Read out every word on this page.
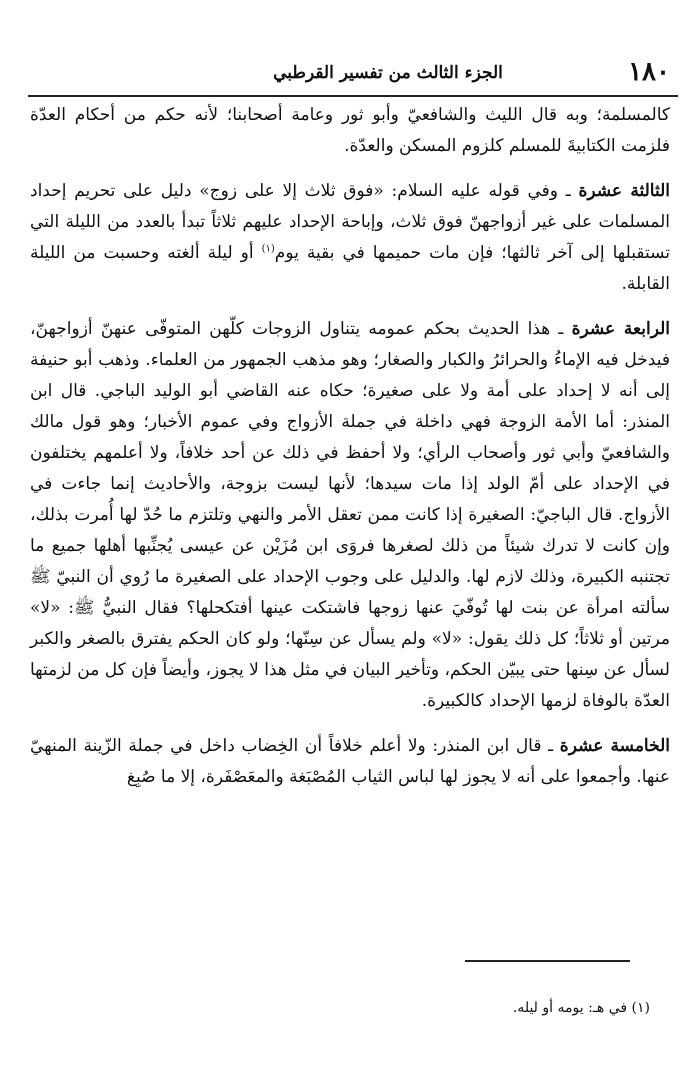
١٨٠
الجزء الثالث من تفسير القرطبي

كالمسلمة؛ وبه قال الليث والشافعيّ وأبو ثور وعامة أصحابنا؛ لأنه حكم من أحكام العدّة فلزمت الكتابيةَ للمسلم كلزوم المسكن والعدّة.

الثالثة عشرة ـ وفي قوله عليه السلام: «فوق ثلاث إلا على زوج» دليل على تحريم إحداد المسلمات على غير أزواجهنّ فوق ثلاث، وإباحة الإحداد عليهم ثلاثاً تبدأ بالعدد من الليلة التي تستقبلها إلى آخر ثالثها؛ فإن مات حميمها في بقية يوم$^{(١)}$ أو ليلة ألغته وحسبت من الليلة القابلة.

الرابعة عشرة ـ هذا الحديث بحكم عمومه يتناول الزوجات كلّهن المتوفّى عنهنّ أزواجهنّ، فيدخل فيه الإماءُ والحرائرُ والكبار والصغار؛ وهو مذهب الجمهور من العلماء. وذهب أبو حنيفة إلى أنه لا إحداد على أمة ولا على صغيرة؛ حكاه عنه القاضي أبو الوليد الباجي. قال ابن المنذر: أما الأمة الزوجة فهي داخلة في جملة الأزواج وفي عموم الأخبار؛ وهو قول مالك والشافعيّ وأبي ثور وأصحاب الرأي؛ ولا أحفظ في ذلك عن أحد خلافاً، ولا أعلمهم يختلفون في الإحداد على أمّ الولد إذا مات سيدها؛ لأنها ليست بزوجة، والأحاديث إنما جاءت في الأزواج. قال الباجيّ: الصغيرة إذا كانت ممن تعقل الأمر والنهي وتلتزم ما حُدّ لها أُمرت بذلك، وإن كانت لا تدرك شيئاً من ذلك لصغرها فروَى ابن مُزَيْن عن عيسى يُجنِّبها أهلها جميع ما تجتنبه الكبيرة، وذلك لازم لها. والدليل على وجوب الإحداد على الصغيرة ما رُوي أن النبيّ ﷺ سألته امرأة عن بنت لها تُوفّيَ عنها زوجها فاشتكت عينها أفتكحلها؟ فقال النبيُّ ﷺ: «لا» مرتين أو ثلاثاً؛ كل ذلك يقول: «لا» ولم يسأل عن سِنّها؛ ولو كان الحكم يفترق بالصغر والكبر لسأل عن سِنها حتى يبيّن الحكم، وتأخير البيان في مثل هذا لا يجوز، وأيضاً فإن كل من لزمتها العدّة بالوفاة لزمها الإحداد كالكبيرة.

الخامسة عشرة ـ قال ابن المنذر: ولا أعلم خلافاً أن الخِضاب داخل في جملة الزّينة المنهيّ عنها. وأجمعوا على أنه لا يجوز لها لباس الثياب المُصْبَغة والمعَصْفَرة، إلا ما صُبِغ

(١) في هـ: يومه أو ليله.
